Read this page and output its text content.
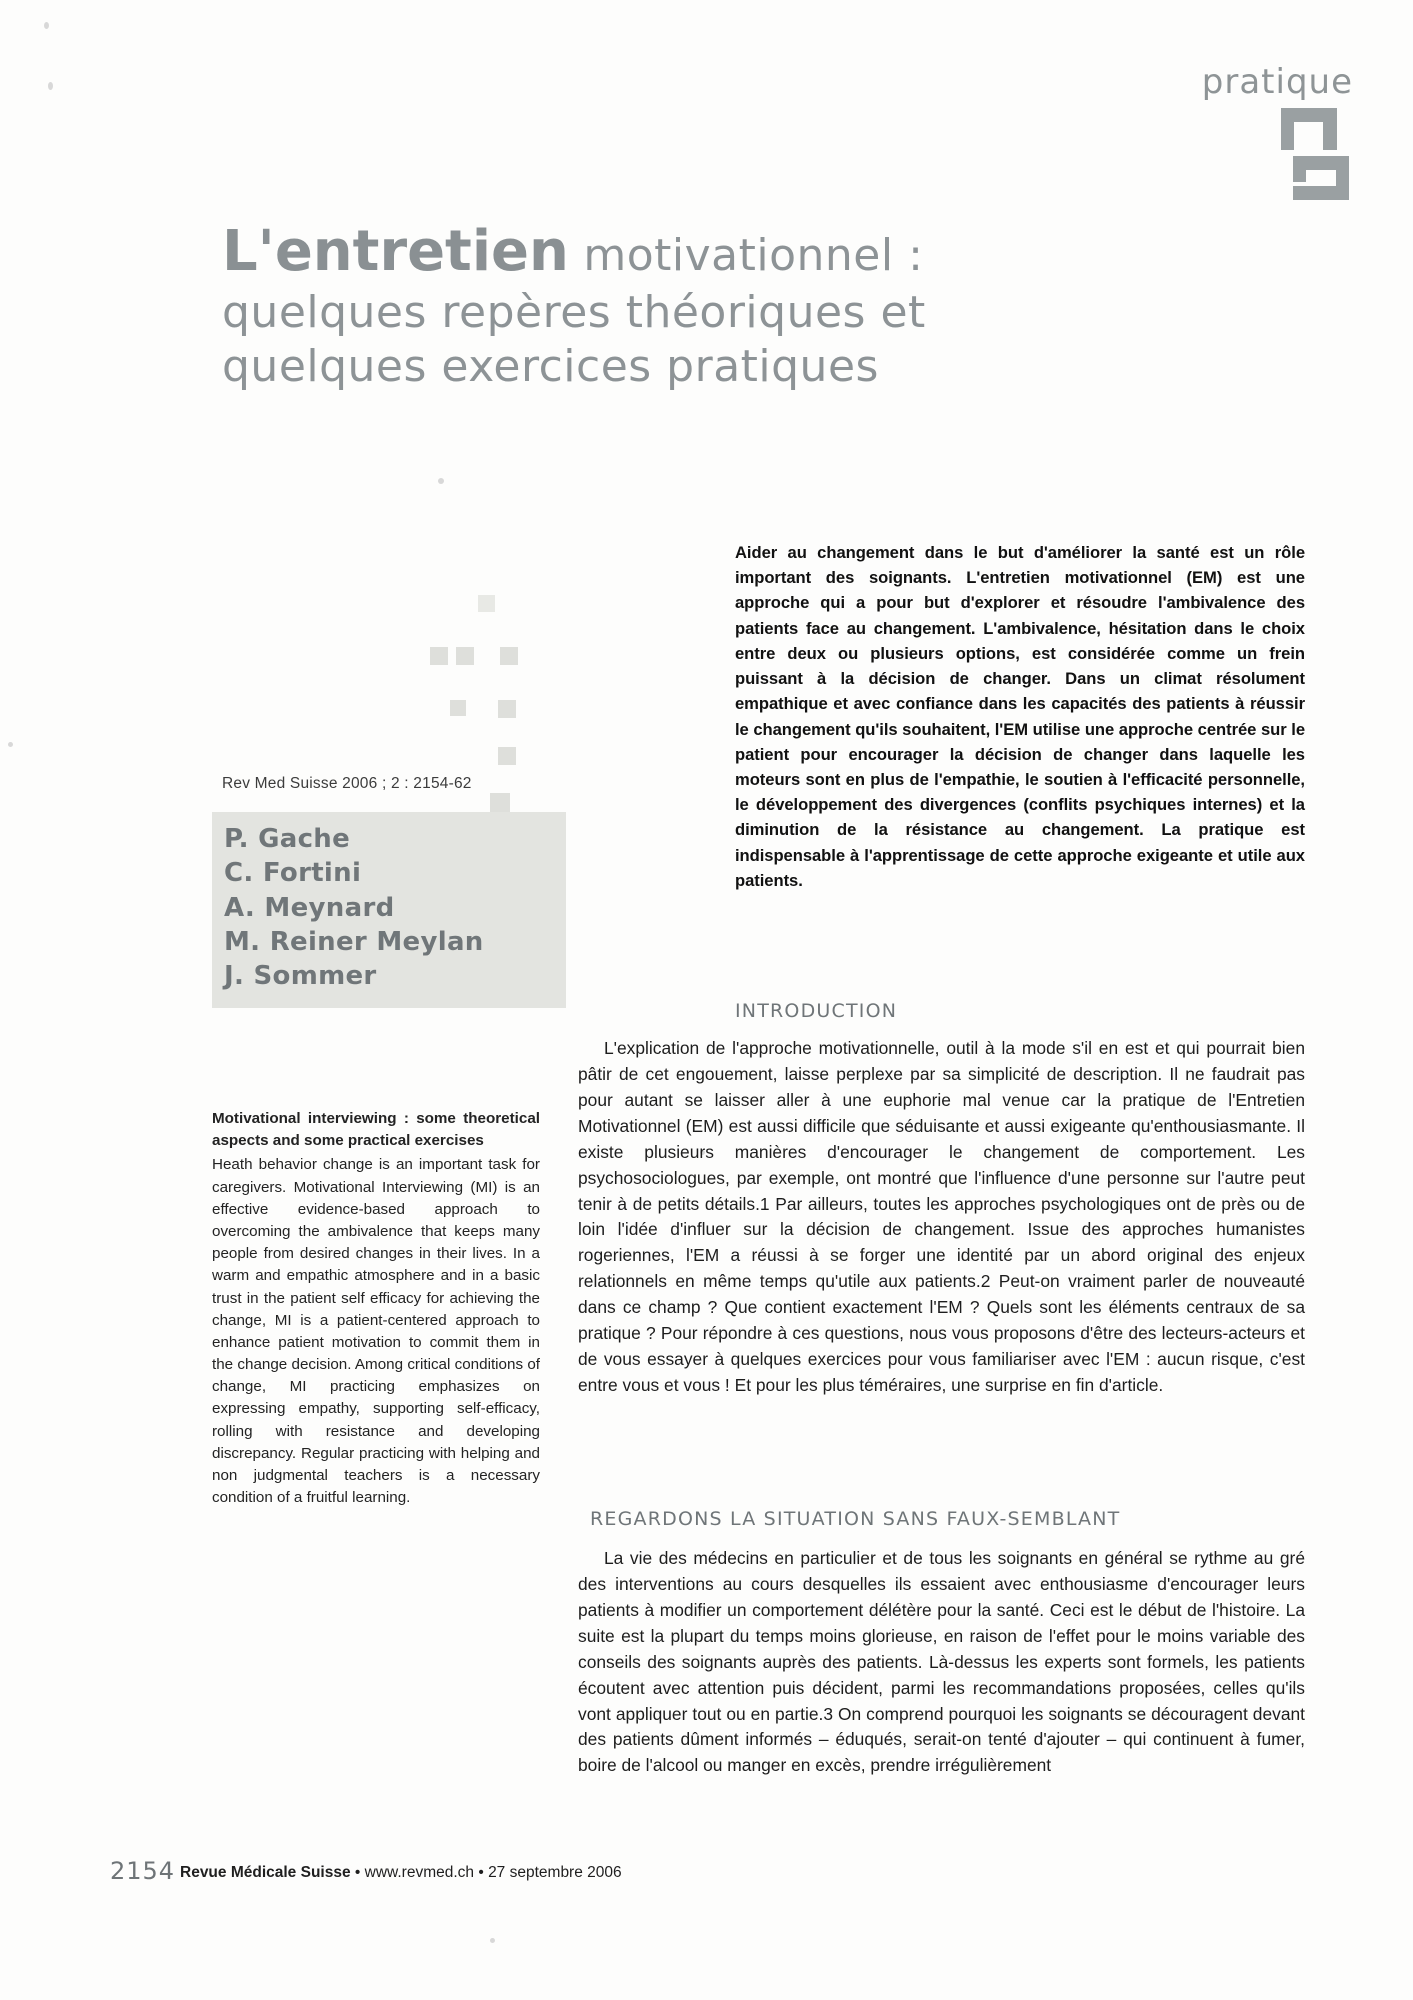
pratique
L'entretien motivationnel :
quelques repères théoriques et
quelques exercices pratiques
Rev Med Suisse 2006 ; 2 : 2154-62
P. Gache
C. Fortini
A. Meynard
M. Reiner Meylan
J. Sommer
Motivational interviewing : some theoretical aspects and some practical exercises
Heath behavior change is an important task for caregivers. Motivational Interviewing (MI) is an effective evidence-based approach to overcoming the ambivalence that keeps many people from desired changes in their lives. In a warm and empathic atmosphere and in a basic trust in the patient self efficacy for achieving the change, MI is a patient-centered approach to enhance patient motivation to commit them in the change decision. Among critical conditions of change, MI practicing emphasizes on expressing empathy, supporting self-efficacy, rolling with resistance and developing discrepancy. Regular practicing with helping and non judgmental teachers is a necessary condition of a fruitful learning.
Aider au changement dans le but d'améliorer la santé est un rôle important des soignants. L'entretien motivationnel (EM) est une approche qui a pour but d'explorer et résoudre l'ambivalence des patients face au changement. L'ambivalence, hésitation dans le choix entre deux ou plusieurs options, est considérée comme un frein puissant à la décision de changer. Dans un climat résolument empathique et avec confiance dans les capacités des patients à réussir le changement qu'ils souhaitent, l'EM utilise une approche centrée sur le patient pour encourager la décision de changer dans laquelle les moteurs sont en plus de l'empathie, le soutien à l'efficacité personnelle, le développement des divergences (conflits psychiques internes) et la diminution de la résistance au changement. La pratique est indispensable à l'apprentissage de cette approche exigeante et utile aux patients.
INTRODUCTION

L'explication de l'approche motivationnelle, outil à la mode s'il en est et qui pourrait bien pâtir de cet engouement, laisse perplexe par sa simplicité de description. Il ne faudrait pas pour autant se laisser aller à une euphorie mal venue car la pratique de l'Entretien Motivationnel (EM) est aussi difficile que séduisante et aussi exigeante qu'enthousiasmante. Il existe plusieurs manières d'encourager le changement de comportement. Les psychosociologues, par exemple, ont montré que l'influence d'une personne sur l'autre peut tenir à de petits détails.1 Par ailleurs, toutes les approches psychologiques ont de près ou de loin l'idée d'influer sur la décision de changement. Issue des approches humanistes rogeriennes, l'EM a réussi à se forger une identité par un abord original des enjeux relationnels en même temps qu'utile aux patients.2 Peut-on vraiment parler de nouveauté dans ce champ ? Que contient exactement l'EM ? Quels sont les éléments centraux de sa pratique ? Pour répondre à ces questions, nous vous proposons d'être des lecteurs-acteurs et de vous essayer à quelques exercices pour vous familiariser avec l'EM : aucun risque, c'est entre vous et vous ! Et pour les plus téméraires, une surprise en fin d'article.

REGARDONS LA SITUATION SANS FAUX-SEMBLANT

La vie des médecins en particulier et de tous les soignants en général se rythme au gré des interventions au cours desquelles ils essaient avec enthousiasme d'encourager leurs patients à modifier un comportement délétère pour la santé. Ceci est le début de l'histoire. La suite est la plupart du temps moins glorieuse, en raison de l'effet pour le moins variable des conseils des soignants auprès des patients. Là-dessus les experts sont formels, les patients écoutent avec attention puis décident, parmi les recommandations proposées, celles qu'ils vont appliquer tout ou en partie.3 On comprend pourquoi les soignants se découragent devant des patients dûment informés – éduqués, serait-on tenté d'ajouter – qui continuent à fumer, boire de l'alcool ou manger en excès, prendre irrégulièrement

2154 Revue Médicale Suisse • www.revmed.ch • 27 septembre 2006
